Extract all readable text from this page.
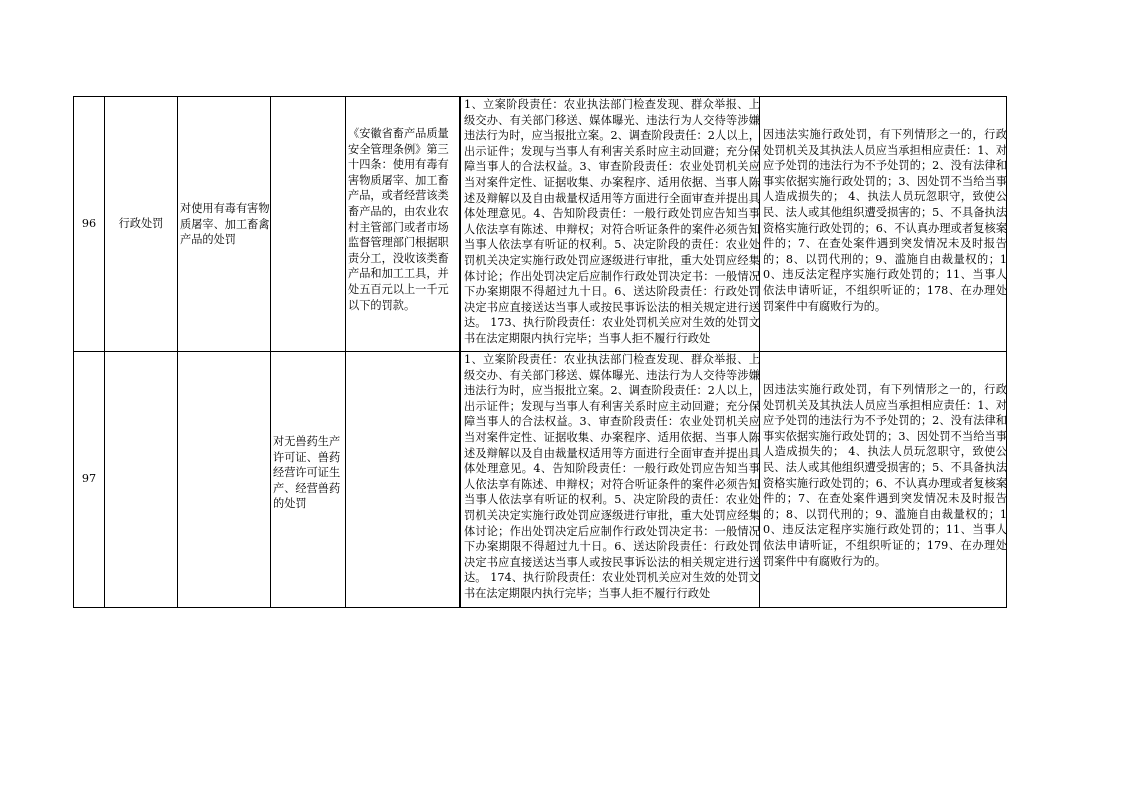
96	行政处罚
对使用有毒有害物质屠宰、加工畜禽产品的处罚
《安徽省畜产品质量安全管理条例》第三十四条：使用有毒有害物质屠宰、加工畜产品，或者经营该类畜产品的，由农业农村主管部门或者市场监督管理部门根据职责分工，没收该类畜产品和加工工具，并处五百元以上一千元以下的罚款。
1、立案阶段责任：农业执法部门检查发现、群众举报、上级交办、有关部门移送、媒体曝光、违法行为人交待等涉嫌违法行为时，应当报批立案。2、调查阶段责任：2人以上，出示证件；发现与当事人有利害关系时应主动回避；充分保障当事人的合法权益。3、审查阶段责任：农业处罚机关应当对案件定性、证据收集、办案程序、适用依据、当事人陈述及辩解以及自由裁量权适用等方面进行全面审查并提出具体处理意见。4、告知阶段责任：一般行政处罚应告知当事人依法享有陈述、申辩权；对符合听证条件的案件必须告知当事人依法享有听证的权利。5、决定阶段的责任：农业处罚机关决定实施行政处罚应逐级进行审批，重大处罚应经集体讨论；作出处罚决定后应制作行政处罚决定书：一般情况下办案期限不得超过九十日。6、送达阶段责任：行政处罚决定书应直接送达当事人或按民事诉讼法的相关规定进行送达。 173、执行阶段责任：农业处罚机关应对生效的处罚文书在法定期限内执行完毕；当事人拒不履行行政处
因违法实施行政处罚，有下列情形之一的，行政处罚机关及其执法人员应当承担相应责任：1、对应予处罚的违法行为不予处罚的；2、没有法律和事实依据实施行政处罚的；3、因处罚不当给当事人造成损失的； 4、执法人员玩忽职守，致使公民、法人或其他组织遭受损害的；5、不具备执法资格实施行政处罚的；6、不认真办理或者复核案件的；7、在查处案件遇到突发情况未及时报告的；8、以罚代刑的；9、滥施自由裁量权的；10、违反法定程序实施行政处罚的；11、当事人依法申请听证，不组织听证的；178、在办理处罚案件中有腐败行为的。
97
对无兽药生产许可证、兽药经营许可证生产、经营兽药的处罚
1、立案阶段责任：农业执法部门检查发现、群众举报、上级交办、有关部门移送、媒体曝光、违法行为人交待等涉嫌违法行为时，应当报批立案。2、调查阶段责任：2人以上，出示证件；发现与当事人有利害关系时应主动回避；充分保障当事人的合法权益。3、审查阶段责任：农业处罚机关应当对案件定性、证据收集、办案程序、适用依据、当事人陈述及辩解以及自由裁量权适用等方面进行全面审查并提出具体处理意见。4、告知阶段责任：一般行政处罚应告知当事人依法享有陈述、申辩权；对符合听证条件的案件必须告知当事人依法享有听证的权利。5、决定阶段的责任：农业处罚机关决定实施行政处罚应逐级进行审批，重大处罚应经集体讨论；作出处罚决定后应制作行政处罚决定书：一般情况下办案期限不得超过九十日。6、送达阶段责任：行政处罚决定书应直接送达当事人或按民事诉讼法的相关规定进行送达。 174、执行阶段责任：农业处罚机关应对生效的处罚文书在法定期限内执行完毕；当事人拒不履行行政处
因违法实施行政处罚，有下列情形之一的，行政处罚机关及其执法人员应当承担相应责任：1、对应予处罚的违法行为不予处罚的；2、没有法律和事实依据实施行政处罚的；3、因处罚不当给当事人造成损失的； 4、执法人员玩忽职守，致使公民、法人或其他组织遭受损害的；5、不具备执法资格实施行政处罚的；6、不认真办理或者复核案件的；7、在查处案件遇到突发情况未及时报告的；8、以罚代刑的；9、滥施自由裁量权的；10、违反法定程序实施行政处罚的；11、当事人依法申请听证，不组织听证的；179、在办理处罚案件中有腐败行为的。
